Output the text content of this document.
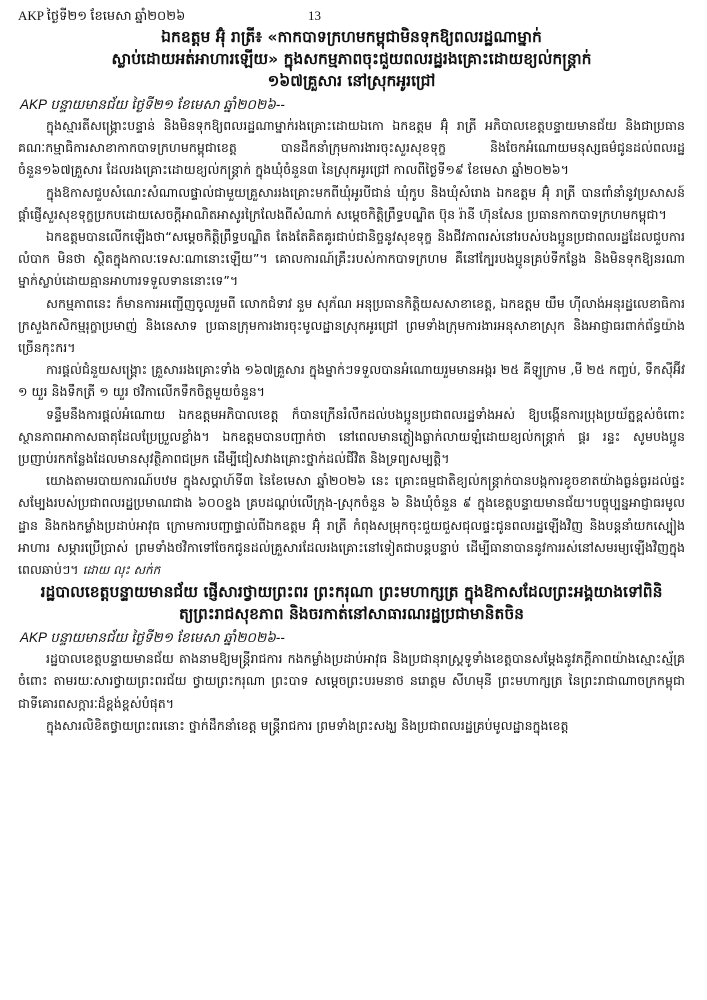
AKP ថ្ងៃទី២១ ខែមេសា ឆ្នាំ២០២៦	13

ឯកឧត្តម អ៊ុំ រាត្រី៖ «កាកបាទក្រហមកម្ពុជាមិនទុកឱ្យពលរដ្ឋណាម្នាក់
ស្លាប់ដោយអត់អាហារឡើយ» ក្នុងសកម្មភាពចុះជួយពលរដ្ឋរងគ្រោះដោយខ្យល់កន្ត្រាក់
១៦៧គ្រួសារ នៅស្រុកអូរជ្រៅ

AKP បន្ទាយមានជ័យ ថ្ងៃទី២១ ខែមេសា ឆ្នាំ២០២៦--

ក្នុងស្មារតីសង្គ្រោះបន្ទាន់ និងមិនទុកឱ្យពលរដ្ឋណាម្នាក់រងគ្រោះដោយឯកោ ឯកឧត្តម អ៊ុំ រាត្រី អភិបាលខេត្តបន្ទាយមានជ័យ និងជាប្រធានគណៈកម្មាធិការសាខាកាកបាទក្រហមកម្ពុជាខេត្ត បានដឹកនាំក្រុមការងារចុះសួរសុខទុក្ខ និងចែកអំណោយមនុស្សធម៌ជូនដល់ពលរដ្ឋចំនួន១៦៧គ្រួសារ ដែលរងគ្រោះដោយខ្យល់កន្ត្រាក់ ក្នុងឃុំចំនួន៣ នៃស្រុកអូរជ្រៅ កាលពីថ្ងៃទី១៩ ខែមេសា ឆ្នាំ២០២៦។

ក្នុងឱកាសជួបសំណេះសំណាលផ្ទាល់ជាមួយគ្រួសាររងគ្រោះមកពីឃុំអូរបីជាន់ ឃុំកូប និងឃុំសំរោង ឯកឧត្តម អ៊ុំ រាត្រី បានពាំនាំនូវប្រសាសន៍ផ្តាំផ្ញើសួរសុខទុក្ខប្រកបដោយសេចក្តីអាណិតអាសូរក្រៃលែងពីសំណាក់ សម្តេចកិត្តិព្រឹទ្ធបណ្ឌិត ប៊ុន រ៉ានី ហ៊ុនសែន ប្រធានកាកបាទក្រហមកម្ពុជា។

ឯកឧត្តមបានលើកឡើងថា“សម្តេចកិត្តិព្រឹទ្ធបណ្ឌិត តែងតែគិតគូរជាប់ជានិច្ចនូវសុខទុក្ខ និងជីវភាពរស់នៅរបស់បងប្អូនប្រជាពលរដ្ឋដែលជួបការលំបាក មិនថា ស្ថិតក្នុងកាលៈទេសៈណានោះឡើយ”។ គោលការណ៍គ្រឹះរបស់កាកបាទក្រហម គឺនៅក្បែរបងប្អូនគ្រប់ទីកន្លែង និងមិនទុកឱ្យនរណាម្នាក់ស្លាប់ដោយគ្មានអាហារទទួលទាននោះទេ”។

សកម្មភាពនេះ ក៏មានការអញ្ជើញចូលរួមពី លោកជំទាវ នួម សុភ័ណ អនុប្រធានកិត្តិយសសាខាខេត្ត, ឯកឧត្តម យឹម ហ៊ីលាង់អនុរដ្ឋលេខាធិការក្រសួងកសិកម្មរុក្ខាប្រមាញ់ និងនេសាទ ប្រធានក្រុមការងារចុះមូលដ្ឋានស្រុកអូរជ្រៅ ព្រមទាំងក្រុមការងារអនុសាខាស្រុក និងអាជ្ញាធរពាក់ព័ន្ធយ៉ាងច្រើនកុះករ។

ការផ្តល់ជំនួយសង្គ្រោះ គ្រួសាររងគ្រោះទាំង ១៦៧គ្រួសារ ក្នុងម្នាក់ៗទទួលបានអំណោយរួមមានអង្ករ ២៥ គីឡូក្រាម ,មី ២៥ កញ្ចប់, ទឹកស៊ីអ៊ីវ ១ យួរ និងទឹកត្រី ១ យួរ ថវិកាលើកទឹកចិត្តមួយចំនួន។

ទន្ទឹមនឹងការផ្តល់អំណោយ ឯកឧត្តមអភិបាលខេត្ត ក៏បានក្រើនរំលឹកដល់បងប្អូនប្រជាពលរដ្ឋទាំងអស់ ឱ្យបង្កើនការប្រុងប្រយ័ត្នខ្ពស់ចំពោះស្ថានភាពអាកាសធាតុដែលប្រែប្រួលខ្លាំង។ ឯកឧត្តមបានបញ្ជាក់ថា នៅពេលមានភ្លៀងធ្លាក់លាយឡំដោយខ្យល់កន្ត្រាក់ ផ្គរ រន្ទះ សូមបងប្អូនប្រញាប់រកកន្លែងដែលមានសុវត្ថិភាពជម្រក ដើម្បីជៀសវាងគ្រោះថ្នាក់ដល់ជីវិត និងទ្រព្យសម្បត្តិ។

យោងតាមរបាយការណ៍បឋម ក្នុងសប្តាហ៍ទី៣ នៃខែមេសា ឆ្នាំ២០២៦ នេះ គ្រោះធម្មជាតិខ្យល់កន្ត្រាក់បានបង្កការខូចខាតយ៉ាងធ្ងន់ធ្ងរដល់ផ្ទះសម្បែងរបស់ប្រជាពលរដ្ឋប្រមាណជាង ៦០០ខ្នង គ្របដណ្តប់លើក្រុង-ស្រុកចំនួន ៦ និងឃុំចំនួន ៩ ក្នុងខេត្តបន្ទាយមានជ័យ។បច្ចុប្បន្នអាជ្ញាធរមូលដ្ឋាន និងកងកម្លាំងប្រដាប់អាវុធ ក្រោមការបញ្ជាផ្ទាល់ពីឯកឧត្តម អ៊ុំ រាត្រី កំពុងសម្រុកចុះជួយជួសជុលផ្ទះជូនពលរដ្ឋឡើងវិញ និងបន្តនាំយកស្បៀងអាហារ សម្ភារប្រើប្រាស់ ព្រមទាំងថវិកាទៅចែកជូនដល់គ្រួសារដែលរងគ្រោះនៅទៀតជាបន្តបន្ទាប់ ដើម្បីធានាបាននូវការរស់នៅសមរម្យឡើងវិញក្នុងពេលឆាប់ៗ។ ដោយ លុះ សក់ក

រដ្ឋបាលខេត្តបន្ទាយមានជ័យ ផ្ញើសារថ្វាយព្រះពរ ព្រះករុណា ព្រះមហាក្សត្រ ក្នុងឱកាសដែលព្រះអង្គយាងទៅពិនិ
ត្យព្រះរាជសុខភាព និងចរកាត់នៅសាធារណរដ្ឋប្រជាមានិតចិន

AKP បន្ទាយមានជ័យ ថ្ងៃទី២១ ខែមេសា ឆ្នាំ២០២៦--

រដ្ឋបាលខេត្តបន្ទាយមានជ័យ តាងនាមឱ្យមន្ត្រីរាជការ កងកម្លាំងប្រដាប់អាវុធ និងប្រជានុរាស្ត្រទូទាំងខេត្តបានសម្តែងនូវភក្តីភាពយ៉ាងស្មោះស្ម័គ្រចំពោះ តាមរយៈសារថ្វាយព្រះពរជ័យ ថ្វាយព្រះករុណា ព្រះបាទ សម្តេចព្រះបរមនាថ នរោត្តម សីហមុនី ព្រះមហាក្សត្រ នៃព្រះរាជាណាចក្រកម្ពុជា ជាទីគោរពសក្ការៈដ៏ខ្ពង់ខ្ពស់បំផុត។

ក្នុងសារលិខិតថ្វាយព្រះពរនោះ ថ្នាក់ដឹកនាំខេត្ត មន្ត្រីរាជការ ព្រមទាំងព្រះសង្ឃ និងប្រជាពលរដ្ឋគ្រប់មូលដ្ឋានក្នុងខេត្ត
